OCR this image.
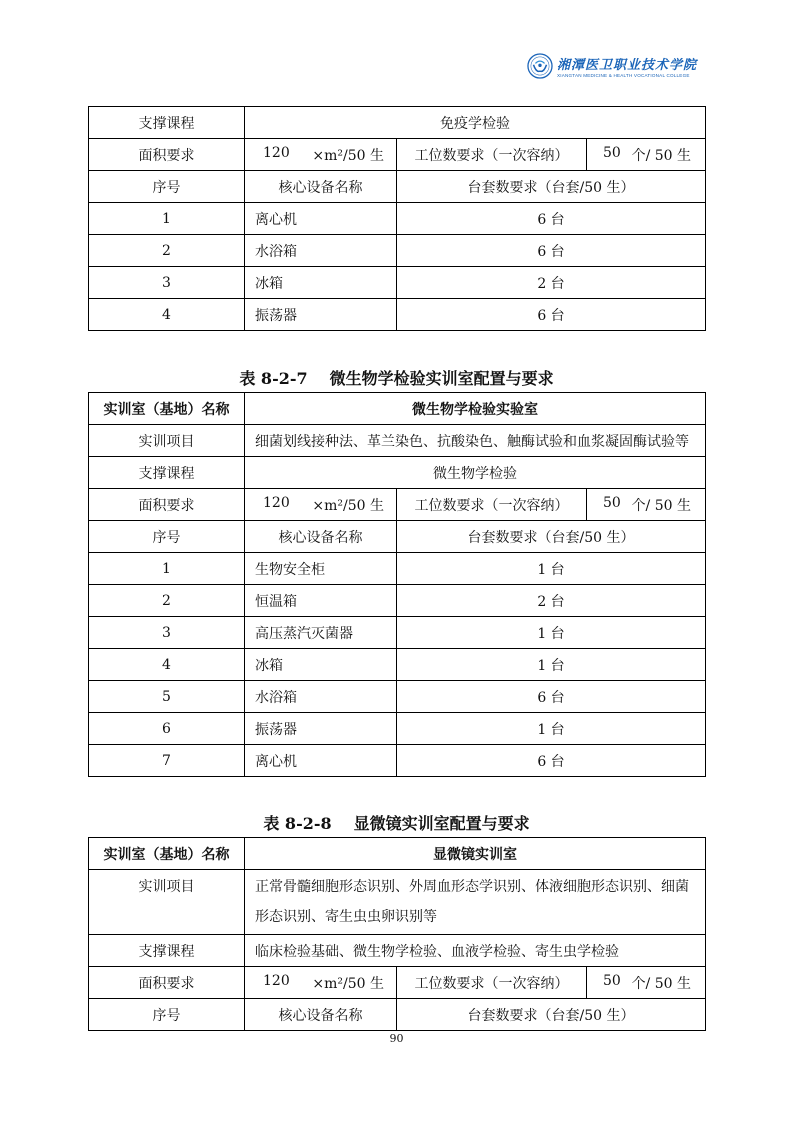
湘潭医卫职业技术学院
XIANGTAN MEDICINE & HEALTH VOCATIONAL COLLEGE
支撑课程	免疫学检验		
面积要求	120 ×m²/50 生	工位数要求（一次容纳）	50 个/ 50 生

序号	核心设备名称	台套数要求（台套/50 生）	
1	离心机	6 台	
2	水浴箱	6 台	
3	冰箱	2 台	
4	振荡器	6 台	
表 8-2-7 微生物学检验实训室配置与要求
实训室（基地）名称	微生物学检验实验室		
实训项目	细菌划线接种法、革兰染色、抗酸染色、触酶试验和血浆凝固酶试验等		
支撑课程	微生物学检验		
面积要求	120 ×m²/50 生	工位数要求（一次容纳）	50 个/ 50 生

序号	核心设备名称	台套数要求（台套/50 生）	
1	生物安全柜	1 台	
2	恒温箱	2 台	
3	高压蒸汽灭菌器	1 台	
4	冰箱	1 台	
5	水浴箱	6 台	
6	振荡器	1 台	
7	离心机	6 台	
表 8-2-8 显微镜实训室配置与要求
实训室（基地）名称	显微镜实训室		
实训项目	正常骨髓细胞形态识别、外周血形态学识别、体液细胞形态识别、细菌形态识别、寄生虫虫卵识别等		
支撑课程	临床检验基础、微生物学检验、血液学检验、寄生虫学检验		
面积要求	120 ×m²/50 生	工位数要求（一次容纳）	50 个/ 50 生

序号	核心设备名称	台套数要求（台套/50 生）	
90
